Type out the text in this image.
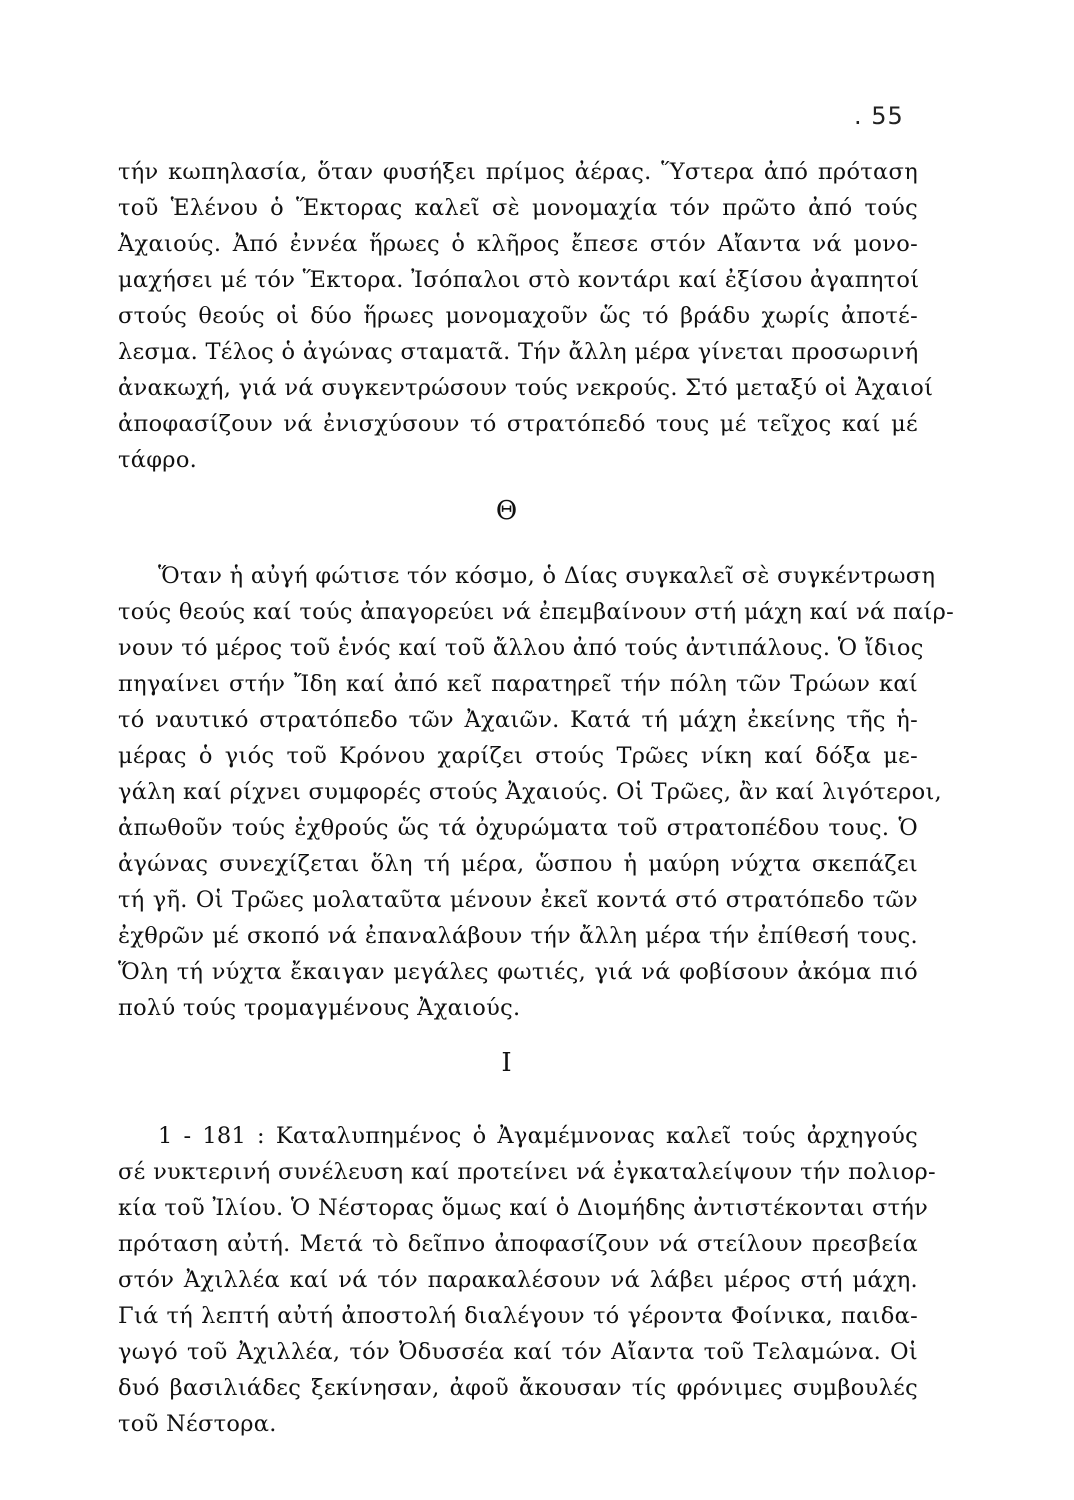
. 55
τήν κωπηλασία, ὅταν φυσήξει πρίμος ἀέρας. Ὕστερα ἀπό πρόταση
τοῦ Ἑλένου ὁ Ἕκτορας καλεῖ σὲ μονομαχία τόν πρῶτο ἀπό τούς
Ἀχαιούς. Ἀπό ἐννέα ἥρωες ὁ κλῆρος ἔπεσε στόν Αἴαντα νά μονο-
μαχήσει μέ τόν Ἕκτορα. Ἰσόπαλοι στὸ κοντάρι καί ἐξίσου ἀγαπητοί
στούς θεούς οἱ δύο ἥρωες μονομαχοῦν ὥς τό βράδυ χωρίς ἀποτέ-
λεσμα. Τέλος ὁ ἀγώνας σταματᾶ. Τήν ἄλλη μέρα γίνεται προσωρινή
ἀνακωχή, γιά νά συγκεντρώσουν τούς νεκρούς. Στό μεταξύ οἱ Ἀχαιοί
ἀποφασίζουν νά ἐνισχύσουν τό στρατόπεδό τους μέ τεῖχος καί μέ
τάφρο.
Θ
Ὅταν ἡ αὐγή φώτισε τόν κόσμο, ὁ Δίας συγκαλεῖ σὲ συγκέντρωση
τούς θεούς καί τούς ἀπαγορεύει νά ἐπεμβαίνουν στή μάχη καί νά παίρ-
νουν τό μέρος τοῦ ἑνός καί τοῦ ἄλλου ἀπό τούς ἀντιπάλους. Ὁ ἴδιος
πηγαίνει στήν Ἴδη καί ἀπό κεῖ παρατηρεῖ τήν πόλη τῶν Τρώων καί
τό ναυτικό στρατόπεδο τῶν Ἀχαιῶν. Κατά τή μάχη ἐκείνης τῆς ἡ-
μέρας ὁ γιός τοῦ Κρόνου χαρίζει στούς Τρῶες νίκη καί δόξα με-
γάλη καί ρίχνει συμφορές στούς Ἀχαιούς. Οἱ Τρῶες, ἂν καί λιγότεροι,
ἀπωθοῦν τούς ἐχθρούς ὥς τά ὀχυρώματα τοῦ στρατοπέδου τους. Ὁ
ἀγώνας συνεχίζεται ὅλη τή μέρα, ὥσπου ἡ μαύρη νύχτα σκεπάζει
τή γῆ. Οἱ Τρῶες μολαταῦτα μένουν ἐκεῖ κοντά στό στρατόπεδο τῶν
ἐχθρῶν μέ σκοπό νά ἐπαναλάβουν τήν ἄλλη μέρα τήν ἐπίθεσή τους.
Ὅλη τή νύχτα ἔκαιγαν μεγάλες φωτιές, γιά νά φοβίσουν ἀκόμα πιό
πολύ τούς τρομαγμένους Ἀχαιούς.
Ι
1 - 181 : Καταλυπημένος ὁ Ἀγαμέμνονας καλεῖ τούς ἀρχηγούς
σέ νυκτερινή συνέλευση καί προτείνει νά ἐγκαταλείψουν τήν πολιορ-
κία τοῦ Ἰλίου. Ὁ Νέστορας ὅμως καί ὁ Διομήδης ἀντιστέκονται στήν
πρόταση αὐτή. Μετά τὸ δεῖπνο ἀποφασίζουν νά στείλουν πρεσβεία
στόν Ἀχιλλέα καί νά τόν παρακαλέσουν νά λάβει μέρος στή μάχη.
Γιά τή λεπτή αὐτή ἀποστολή διαλέγουν τό γέροντα Φοίνικα, παιδα-
γωγό τοῦ Ἀχιλλέα, τόν Ὀδυσσέα καί τόν Αἴαντα τοῦ Τελαμώνα. Οἱ
δυό βασιλιάδες ξεκίνησαν, ἀφοῦ ἄκουσαν τίς φρόνιμες συμβουλές
τοῦ Νέστορα.
